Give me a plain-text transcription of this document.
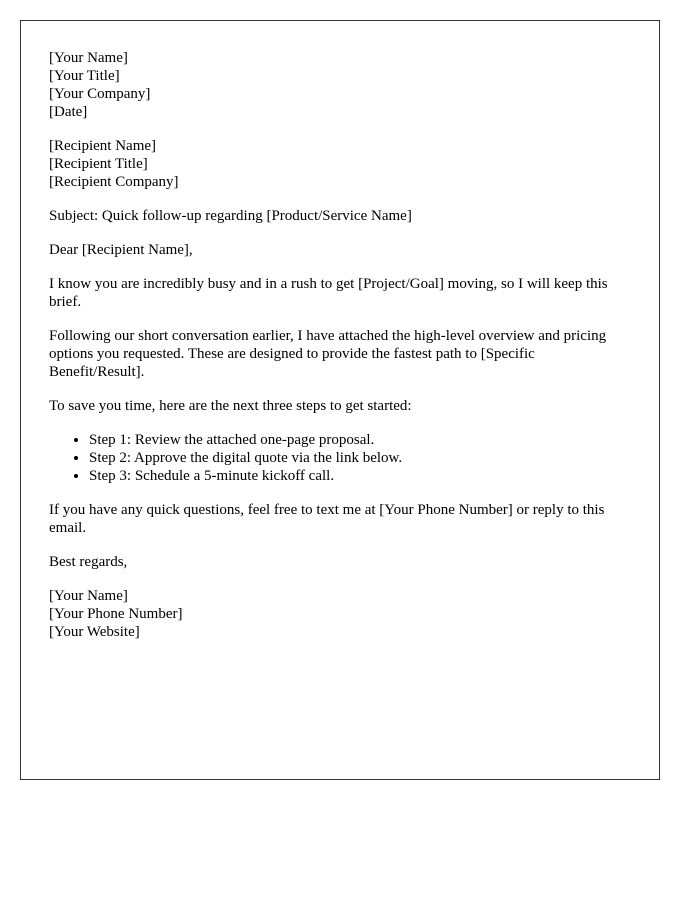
[Your Name]
[Your Title]
[Your Company]
[Date]
[Recipient Name]
[Recipient Title]
[Recipient Company]

Subject: Quick follow-up regarding [Product/Service Name]

Dear [Recipient Name],

I know you are incredibly busy and in a rush to get [Project/Goal] moving, so I will keep this brief.

Following our short conversation earlier, I have attached the high-level overview and pricing options you requested. These are designed to provide the fastest path to [Specific Benefit/Result].

To save you time, here are the next three steps to get started:

• Step 1: Review the attached one-page proposal.
• Step 2: Approve the digital quote via the link below.
• Step 3: Schedule a 5-minute kickoff call.

If you have any quick questions, feel free to text me at [Your Phone Number] or reply to this email.

Best regards,

[Your Name]
[Your Phone Number]
[Your Website]
